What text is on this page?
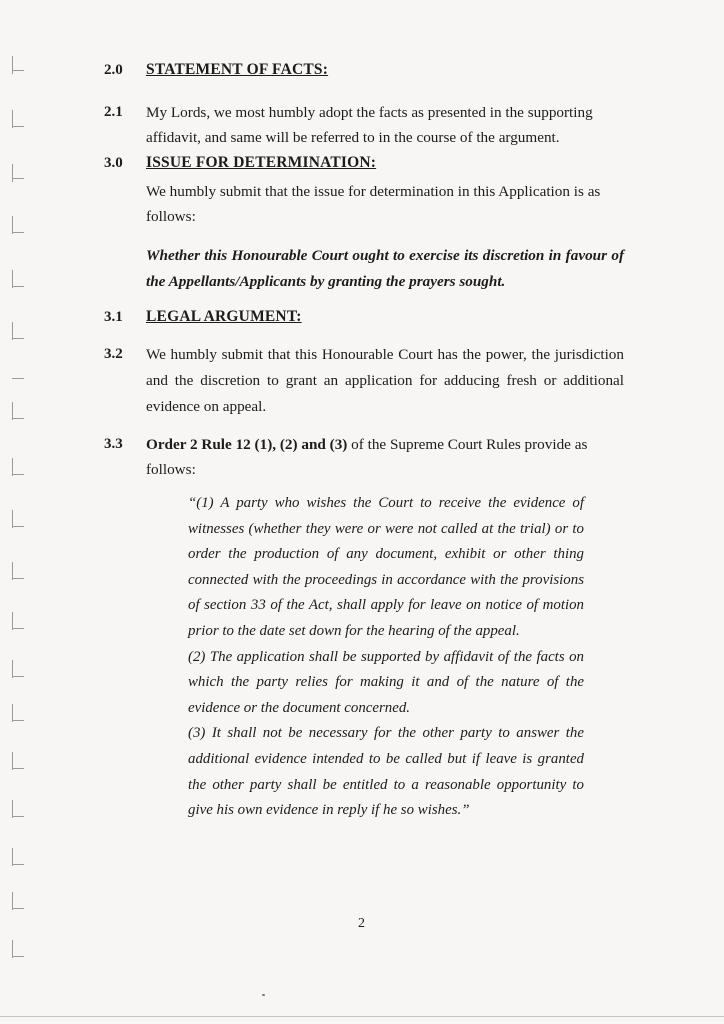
2.0 STATEMENT OF FACTS:
2.1 My Lords, we most humbly adopt the facts as presented in the supporting affidavit, and same will be referred to in the course of the argument.

3.0 ISSUE FOR DETERMINATION:

We humbly submit that the issue for determination in this Application is as follows:

Whether this Honourable Court ought to exercise its discretion in favour of the Appellants/Applicants by granting the prayers sought.

3.1 LEGAL ARGUMENT:
3.2 We humbly submit that this Honourable Court has the power, the jurisdiction and the discretion to grant an application for adducing fresh or additional evidence on appeal.

3.3 Order 2 Rule 12 (1), (2) and (3) of the Supreme Court Rules provide as follows:

“(1) A party who wishes the Court to receive the evidence of witnesses (whether they were or were not called at the trial) or to order the production of any document, exhibit or other thing connected with the proceedings in accordance with the provisions of section 33 of the Act, shall apply for leave on notice of motion prior to the date set down for the hearing of the appeal.

(2) The application shall be supported by affidavit of the facts on which the party relies for making it and of the nature of the evidence or the document concerned.

(3) It shall not be necessary for the other party to answer the additional evidence intended to be called but if leave is granted the other party shall be entitled to a reasonable opportunity to give his own evidence in reply if he so wishes.”

2
